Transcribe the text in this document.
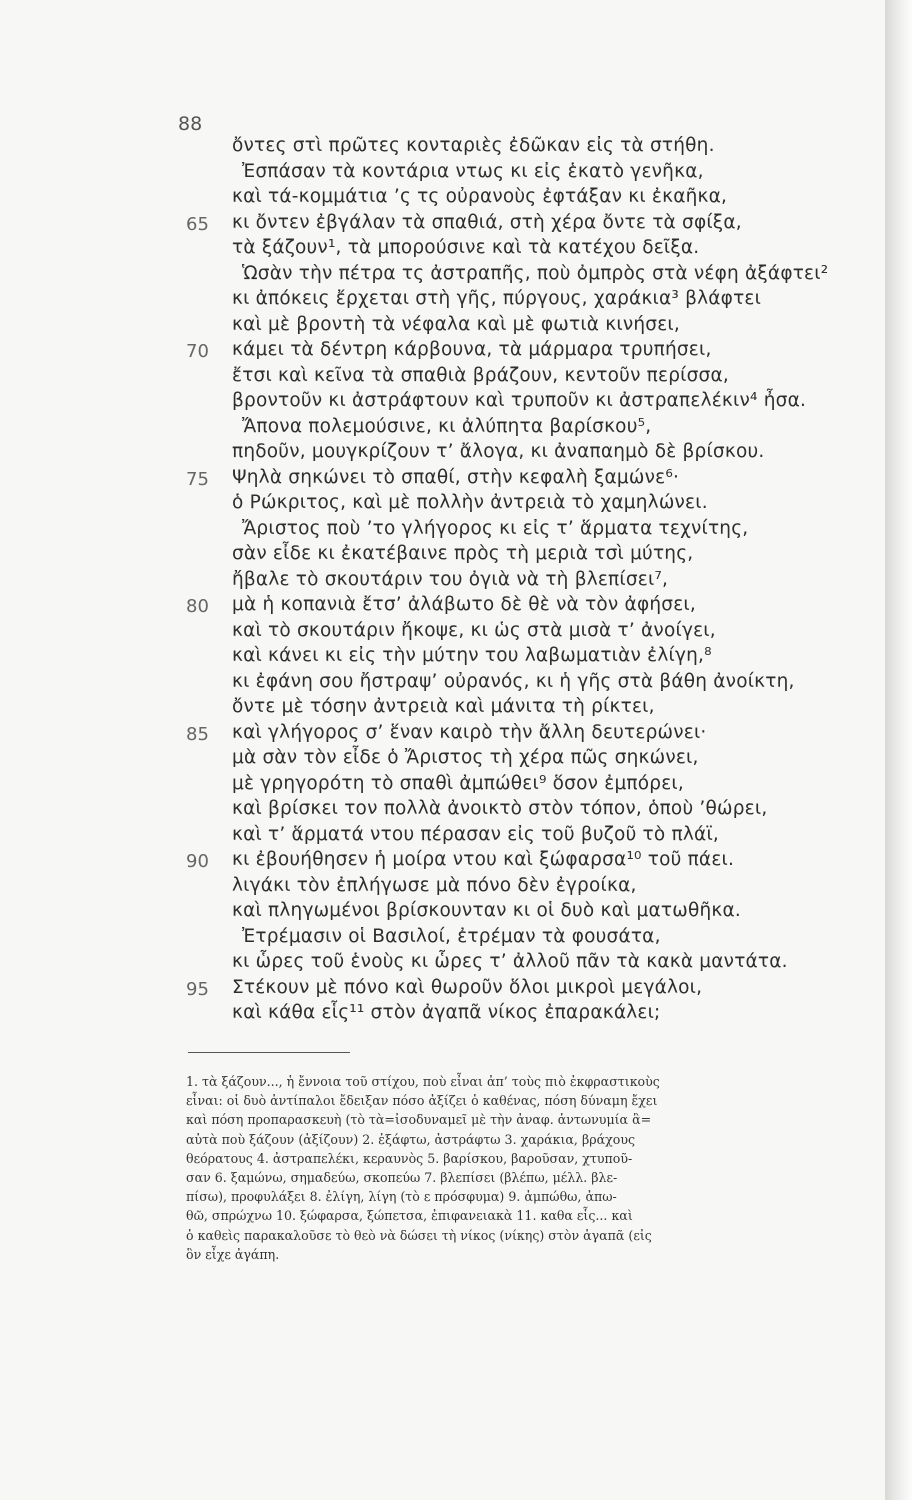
88
ὄντες στὶ πρῶτες κονταριὲς ἐδῶκαν εἰς τὰ στήθη.
Ἐσπάσαν τὰ κοντάρια ντως κι εἰς ἑκατὸ γενῆκα,
καὶ τά-κομμάτια ’ς τς οὐρανοὺς ἐφτάξαν κι ἐκαῆκα,
65	κι ὄντεν ἐβγάλαν τὰ σπαθιά, στὴ χέρα ὄντε τὰ σφίξα,
τὰ ξάζουν¹, τὰ μπορούσινε καὶ τὰ κατέχου δεῖξα.
Ὡσὰν τὴν πέτρα τς ἀστραπῆς, ποὺ ὀμπρὸς στὰ νέφη ἀξάφτει²
κι ἀπόκεις ἔρχεται στὴ γῆς, πύργους, χαράκια³ βλάφτει
καὶ μὲ βροντὴ τὰ νέφαλα καὶ μὲ φωτιὰ κινήσει,
70	κάμει τὰ δέντρη κάρβουνα, τὰ μάρμαρα τρυπήσει,
ἔτσι καὶ κεῖνα τὰ σπαθιὰ βράζουν, κεντοῦν περίσσα,
βροντοῦν κι ἀστράφτουν καὶ τρυποῦν κι ἀστραπελέκιν⁴ ἦσα.
Ἄπονα πολεμούσινε, κι ἀλύπητα βαρίσκου⁵,
πηδοῦν, μουγκρίζουν τ’ ἄλογα, κι ἀναπαημὸ δὲ βρίσκου.
75	Ψηλὰ σηκώνει τὸ σπαθί, στὴν κεφαλὴ ξαμώνε⁶·
ὁ Ρώκριτος, καὶ μὲ πολλὴν ἀντρειὰ τὸ χαμηλώνει.
Ἄριστος ποὺ ’το γλήγορος κι εἰς τ’ ἅρματα τεχνίτης,
σὰν εἶδε κι ἐκατέβαινε πρὸς τὴ μεριὰ τσὶ μύτης,
ἤβαλε τὸ σκουτάριν του ὀγιὰ νὰ τὴ βλεπίσει⁷,
80	μὰ ἡ κοπανιὰ ἔτσ’ ἀλάβωτο δὲ θὲ νὰ τὸν ἀφήσει,
καὶ τὸ σκουτάριν ἤκοψε, κι ὡς στὰ μισὰ τ’ ἀνοίγει,
καὶ κάνει κι εἰς τὴν μύτην του λαβωματιὰν ἐλίγη,⁸
κι ἐφάνη σου ἤστραψ’ οὐρανός, κι ἡ γῆς στὰ βάθη ἀνοίκτη,
ὄντε μὲ τόσην ἀντρειὰ καὶ μάνιτα τὴ ρίκτει,
85	καὶ γλήγορος σ’ ἕναν καιρὸ τὴν ἄλλη δευτερώνει·
μὰ σὰν τὸν εἶδε ὁ Ἄριστος τὴ χέρα πῶς σηκώνει,
μὲ γρηγορότη τὸ σπαθὶ ἀμπώθει⁹ ὅσον ἐμπόρει,
καὶ βρίσκει τον πολλὰ ἀνοικτὸ στὸν τόπον, ὁποὺ ’θώρει,
καὶ τ’ ἅρματά ντου πέρασαν εἰς τοῦ βυζοῦ τὸ πλάϊ,
90	κι ἐβουήθησεν ἡ μοίρα ντου καὶ ξώφαρσα¹⁰ τοῦ πάει.
λιγάκι τὸν ἐπλήγωσε μὰ πόνο δὲν ἐγροίκα,
καὶ πληγωμένοι βρίσκουνταν κι οἱ δυὸ καὶ ματωθῆκα.
Ἐτρέμασιν οἱ Βασιλοί, ἐτρέμαν τὰ φουσάτα,
κι ὧρες τοῦ ἑνοὺς κι ὧρες τ’ ἀλλοῦ πᾶν τὰ κακὰ μαντάτα.
95	Στέκουν μὲ πόνο καὶ θωροῦν ὅλοι μικροὶ μεγάλοι,
καὶ κάθα εἷς¹¹ στὸν ἀγαπᾶ νίκος ἐπαρακάλει;
1. τὰ ξάζουν..., ἡ ἔννοια τοῦ στίχου, ποὺ εἶναι ἀπ’ τοὺς πιὸ ἐκφραστικοὺς
εἶναι: οἱ δυὸ ἀντίπαλοι ἔδειξαν πόσο ἀξίζει ὁ καθένας, πόση δύναμη ἔχει
καὶ πόση προπαρασκευὴ (τὸ τὰ=ἰσοδυναμεῖ μὲ τὴν ἀναφ. ἀντωνυμία ἃ=
αὐτὰ ποὺ ξάζουν (ἀξίζουν) 2. ἐξάφτω, ἀστράφτω 3. χαράκια, βράχους
θεόρατους 4. ἀστραπελέκι, κεραυνὸς 5. βαρίσκου, βαροῦσαν, χτυποῦ-
σαν 6. ξαμώνω, σημαδεύω, σκοπεύω 7. βλεπίσει (βλέπω, μέλλ. βλε-
πίσω), προφυλάξει 8. ἐλίγη, λίγη (τὸ ε πρόσφυμα) 9. ἀμπώθω, ἀπω-
θῶ, σπρώχνω 10. ξώφαρσα, ξώπετσα, ἐπιφανειακὰ 11. καθα εἷς... καὶ
ὁ καθεὶς παρακαλοῦσε τὸ θεὸ νὰ δώσει τὴ νίκος (νίκης) στὸν ἀγαπᾶ (εἰς
ὃν εἶχε ἀγάπη.
